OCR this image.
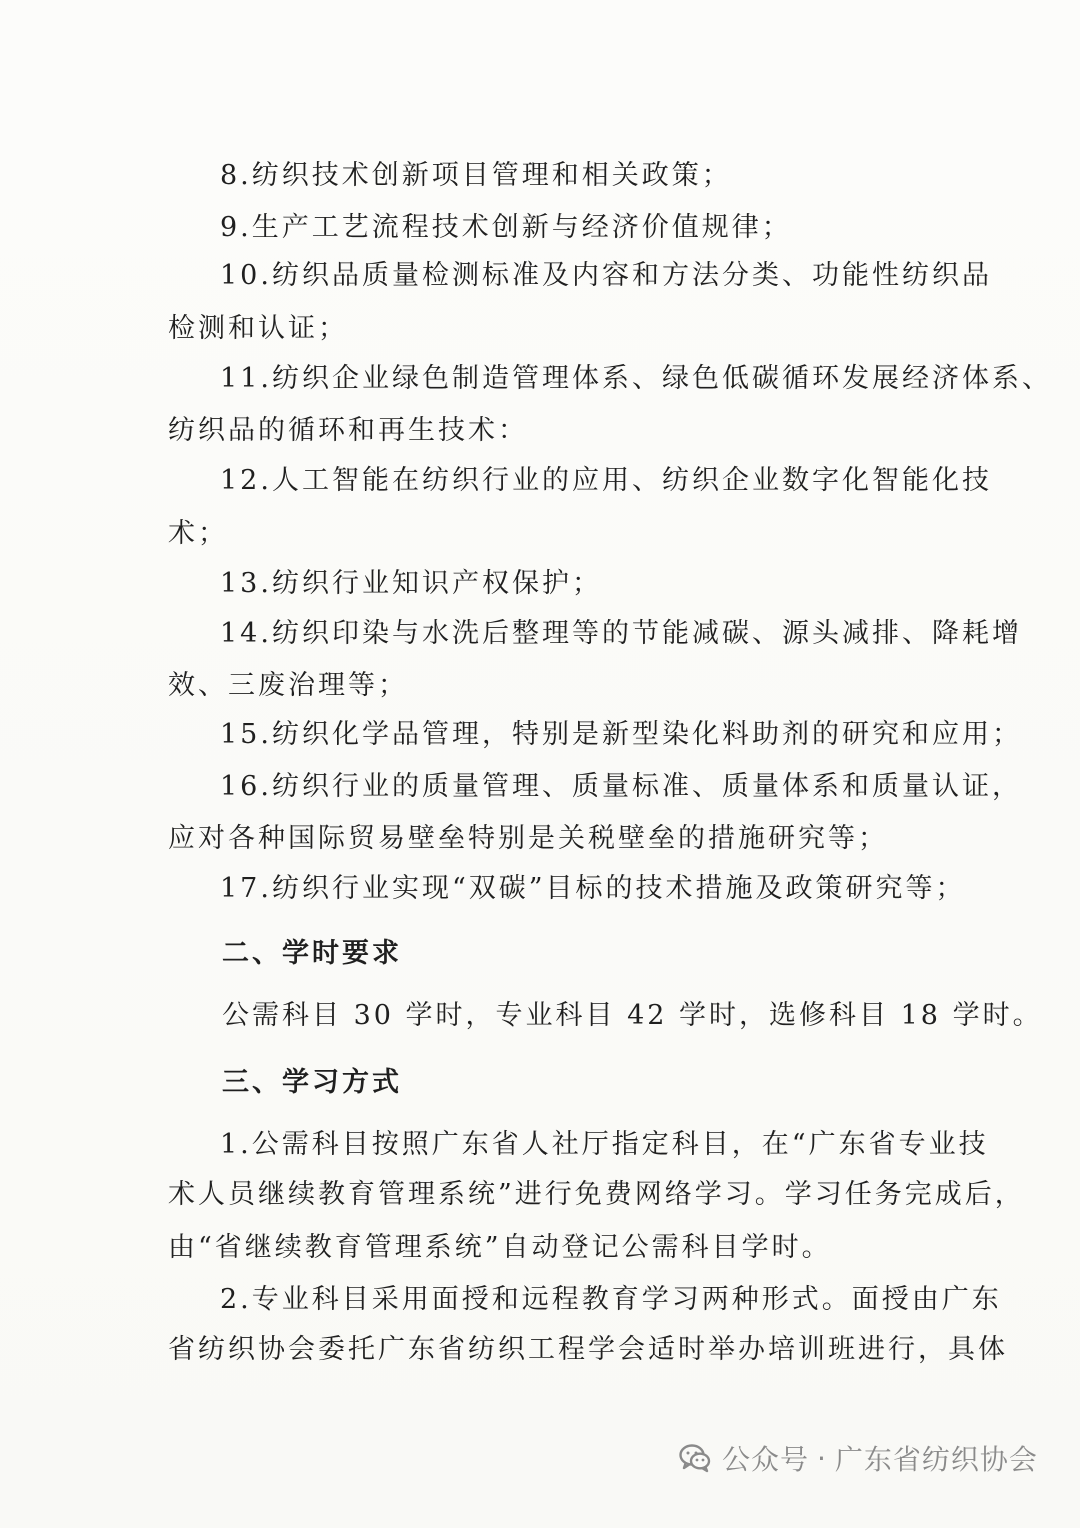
8.纺织技术创新项目管理和相关政策；
9.生产工艺流程技术创新与经济价值规律；
10.纺织品质量检测标准及内容和方法分类、功能性纺织品
检测和认证；
11.纺织企业绿色制造管理体系、绿色低碳循环发展经济体系、
纺织品的循环和再生技术：
12.人工智能在纺织行业的应用、纺织企业数字化智能化技
术；
13.纺织行业知识产权保护；
14.纺织印染与水洗后整理等的节能减碳、源头减排、降耗增
效、三废治理等；
15.纺织化学品管理，特别是新型染化料助剂的研究和应用；
16.纺织行业的质量管理、质量标准、质量体系和质量认证，
应对各种国际贸易壁垒特别是关税壁垒的措施研究等；
17.纺织行业实现“双碳”目标的技术措施及政策研究等；
二、学时要求
公需科目 30 学时，专业科目 42 学时，选修科目 18 学时。
三、学习方式
1.公需科目按照广东省人社厅指定科目，在“广东省专业技
术人员继续教育管理系统”进行免费网络学习。学习任务完成后，
由“省继续教育管理系统”自动登记公需科目学时。
2.专业科目采用面授和远程教育学习两种形式。面授由广东
省纺织协会委托广东省纺织工程学会适时举办培训班进行，具体
公众号 · 广东省纺织协会
